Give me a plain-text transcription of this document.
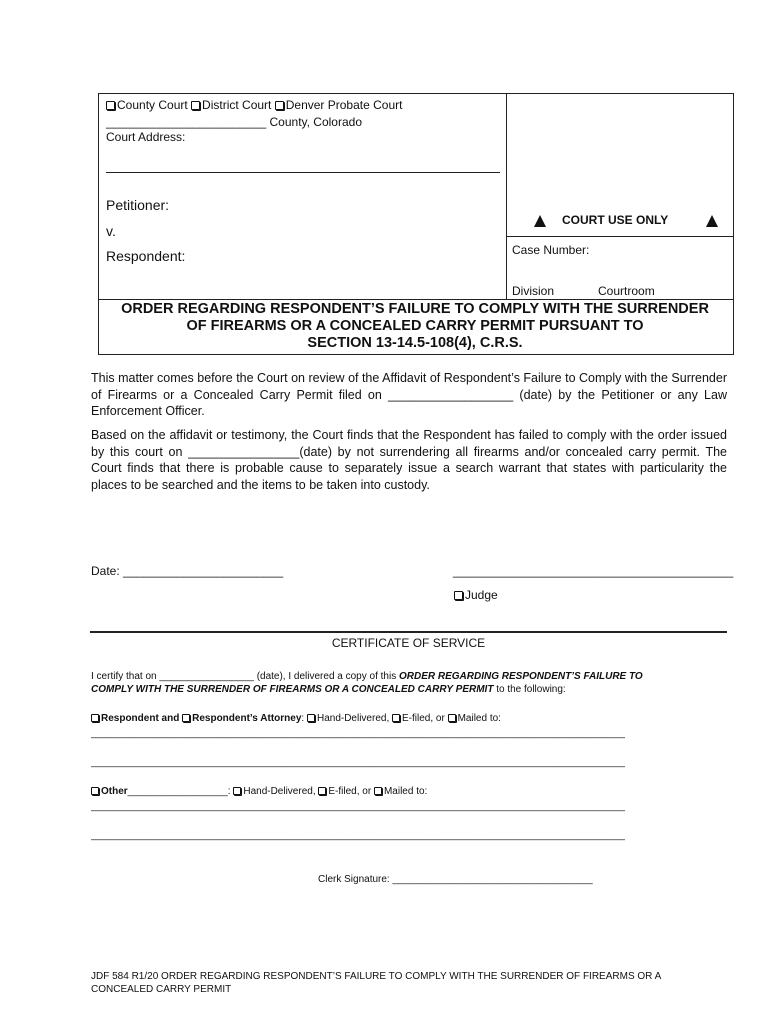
County Court District Court Denver Probate Court
________________________ County, Colorado
Court Address:
Petitioner:
v.
Respondent:
COURT USE ONLY
Case Number:
Division	Courtroom
ORDER REGARDING RESPONDENT’S FAILURE TO COMPLY WITH THE SURRENDER
OF FIREARMS OR A CONCEALED CARRY PERMIT PURSUANT TO
SECTION 13-14.5-108(4), C.R.S.
This matter comes before the Court on review of the Affidavit of Respondent’s Failure to Comply with the Surrender of Firearms or a Concealed Carry Permit filed on __________________ (date) by the Petitioner or any Law Enforcement Officer.
Based on the affidavit or testimony, the Court finds that the Respondent has failed to comply with the order issued by this court on ________________(date) by not surrendering all firearms and/or concealed carry permit. The Court finds that there is probable cause to separately issue a search warrant that states with particularity the places to be searched and the items to be taken into custody.
Date: ________________________	__________________________________________
Judge
CERTIFICATE OF SERVICE
I certify that on _________________ (date), I delivered a copy of this ORDER REGARDING RESPONDENT’S FAILURE TO
COMPLY WITH THE SURRENDER OF FIREARMS OR A CONCEALED CARRY PERMIT to the following:
Respondent and Respondent’s Attorney: Hand-Delivered, E-filed, or Mailed to:
________________________________________________________________________________________________
________________________________________________________________________________________________
Other__________________: Hand-Delivered, E-filed, or Mailed to:
________________________________________________________________________________________________
________________________________________________________________________________________________
Clerk Signature: ____________________________________
JDF 584 R1/20 ORDER REGARDING RESPONDENT’S FAILURE TO COMPLY WITH THE SURRENDER OF FIREARMS OR A
CONCEALED CARRY PERMIT
